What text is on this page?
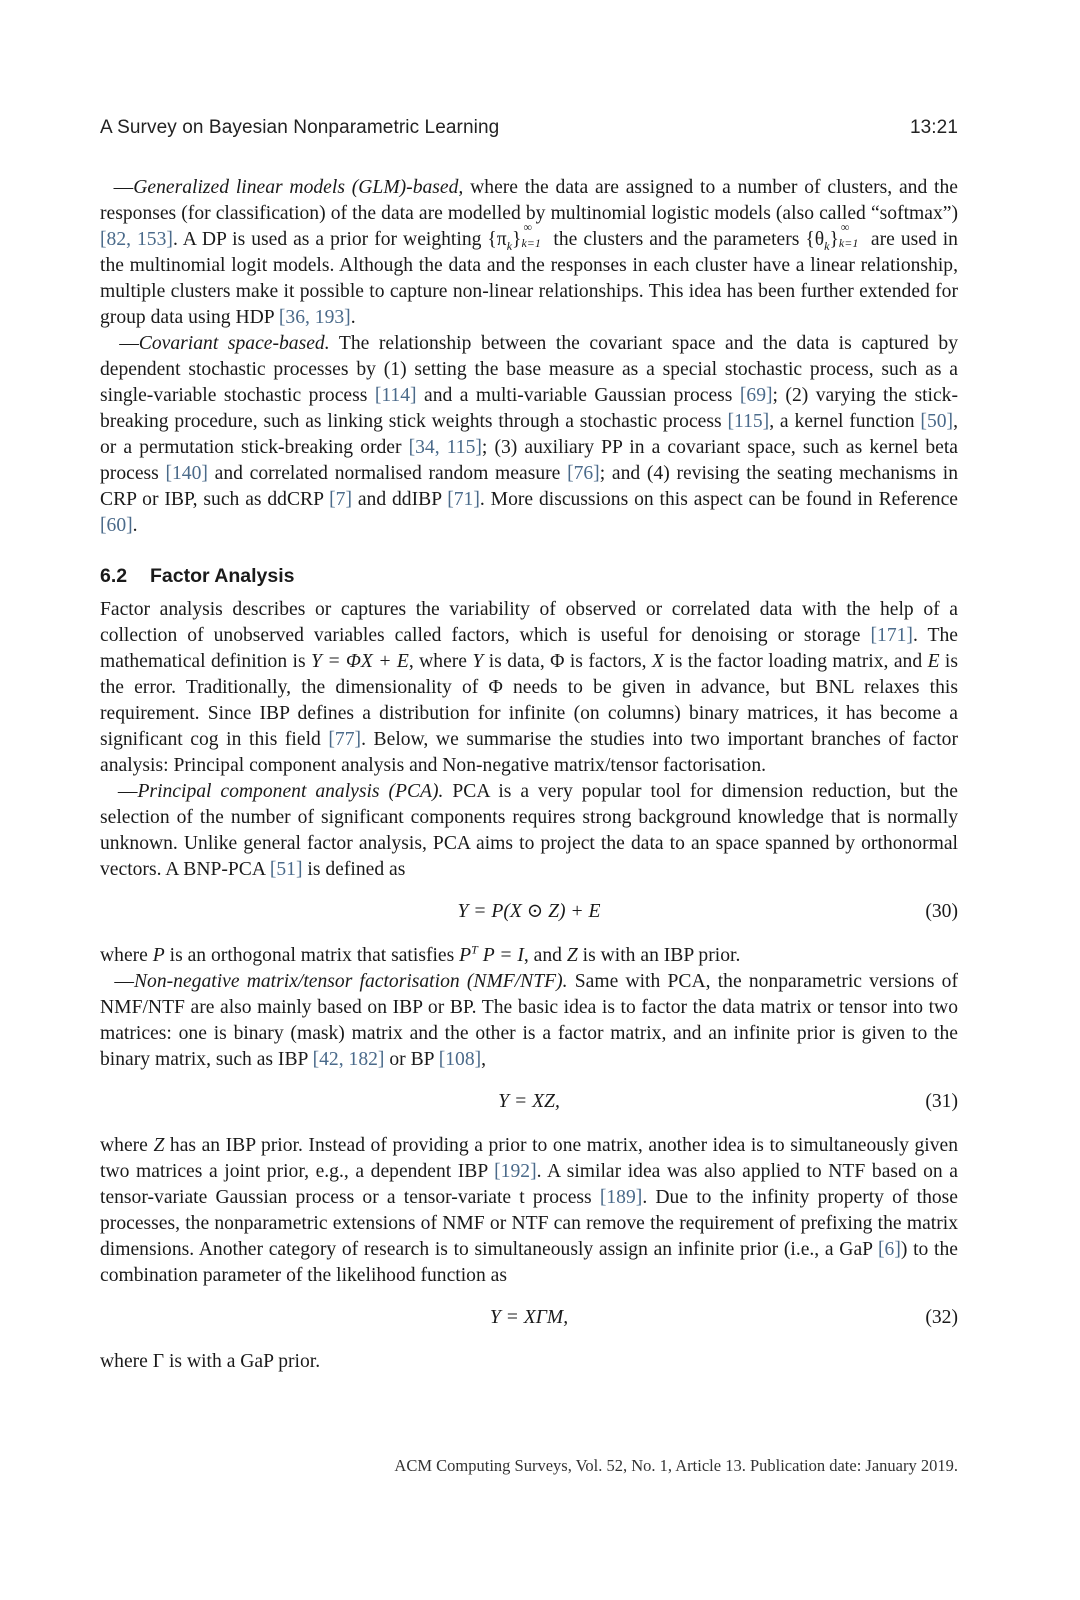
A Survey on Bayesian Nonparametric Learning	13:21

—Generalized linear models (GLM)-based, where the data are assigned to a number of clusters, and the responses (for classification) of the data are modelled by multinomial logistic models (also called “softmax”) [82, 153]. A DP is used as a prior for weighting $\{\pi_k\}$
∞
k=1 the clusters and the parameters $\{\theta_k\}$
∞
k=1 are used in the multinomial logit models. Although the data and the responses in each cluster have a linear relationship, multiple clusters make it possible to capture non-linear relationships. This idea has been further extended for group data using HDP [36, 193].

—Covariant space-based. The relationship between the covariant space and the data is captured by dependent stochastic processes by (1) setting the base measure as a special stochastic process, such as a single-variable stochastic process [114] and a multi-variable Gaussian process [69]; (2) varying the stick-breaking procedure, such as linking stick weights through a stochastic process [115], a kernel function [50], or a permutation stick-breaking order [34, 115]; (3) auxiliary PP in a covariant space, such as kernel beta process [140] and correlated normalised random measure [76]; and (4) revising the seating mechanisms in CRP or IBP, such as ddCRP [7] and ddIBP [71]. More discussions on this aspect can be found in Reference [60].

6.2 Factor Analysis

Factor analysis describes or captures the variability of observed or correlated data with the help of a collection of unobserved variables called factors, which is useful for denoising or storage [171]. The mathematical definition is Y = ΦX + E, where Y is data, Φ is factors, X is the factor loading matrix, and E is the error. Traditionally, the dimensionality of Φ needs to be given in advance, but BNL relaxes this requirement. Since IBP defines a distribution for infinite (on columns) binary matrices, it has become a significant cog in this field [77]. Below, we summarise the studies into two important branches of factor analysis: Principal component analysis and Non-negative matrix/tensor factorisation.

—Principal component analysis (PCA). PCA is a very popular tool for dimension reduction, but the selection of the number of significant components requires strong background knowledge that is normally unknown. Unlike general factor analysis, PCA aims to project the data to an space spanned by orthonormal vectors. A BNP-PCA [51] is defined as

Y = P(X ⊙ Z) + E	(30)

where P is an orthogonal matrix that satisfies $P^T$ P = I, and Z is with an IBP prior.

—Non-negative matrix/tensor factorisation (NMF/NTF). Same with PCA, the nonparametric versions of NMF/NTF are also mainly based on IBP or BP. The basic idea is to factor the data matrix or tensor into two matrices: one is binary (mask) matrix and the other is a factor matrix, and an infinite prior is given to the binary matrix, such as IBP [42, 182] or BP [108],

Y = XZ,	(31)

where Z has an IBP prior. Instead of providing a prior to one matrix, another idea is to simultaneously given two matrices a joint prior, e.g., a dependent IBP [192]. A similar idea was also applied to NTF based on a tensor-variate Gaussian process or a tensor-variate t process [189]. Due to the infinity property of those processes, the nonparametric extensions of NMF or NTF can remove the requirement of prefixing the matrix dimensions. Another category of research is to simultaneously assign an infinite prior (i.e., a GaP [6]) to the combination parameter of the likelihood function as

Y = XΓM,	(32)

where Γ is with a GaP prior.

ACM Computing Surveys, Vol. 52, No. 1, Article 13. Publication date: January 2019.
